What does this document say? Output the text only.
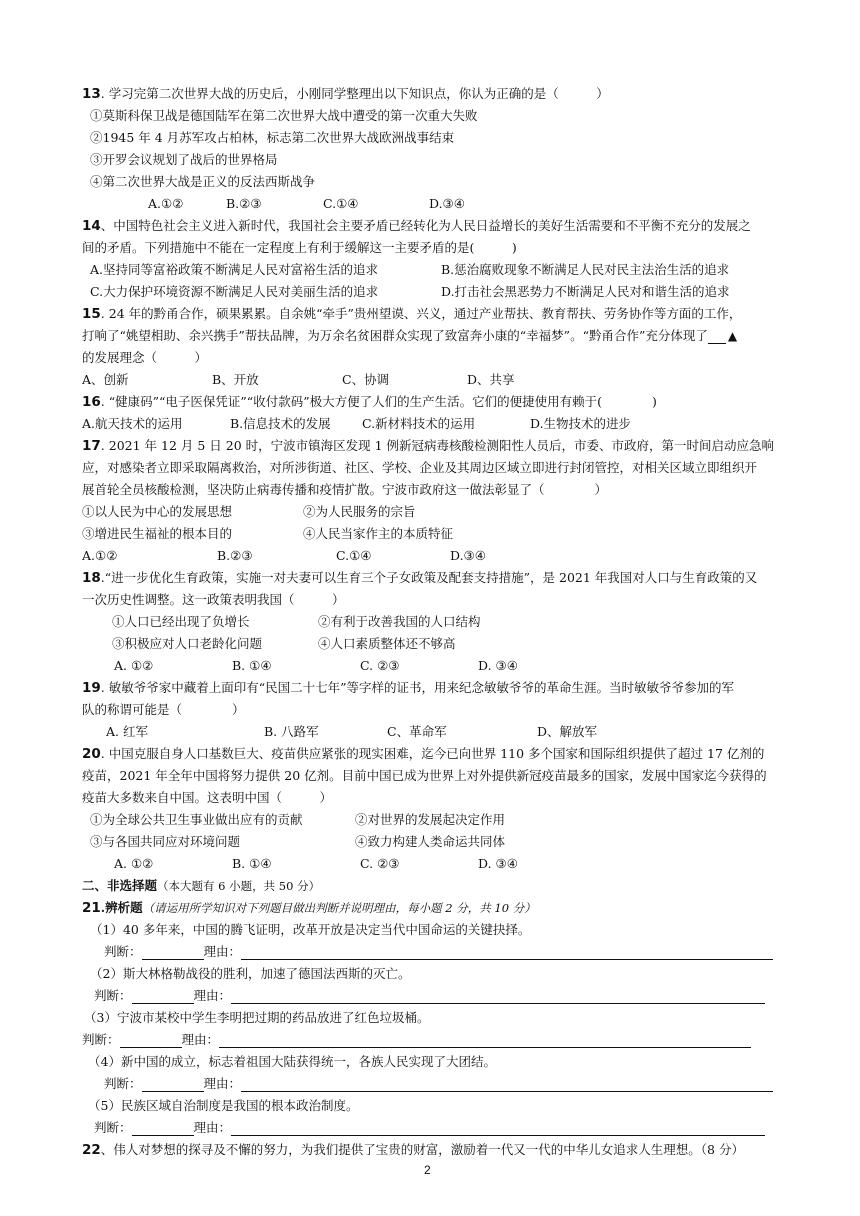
13. 学习完第二次世界大战的历史后，小刚同学整理出以下知识点，你认为正确的是（　　　）
①莫斯科保卫战是德国陆军在第二次世界大战中遭受的第一次重大失败
②1945 年 4 月苏军攻占柏林，标志第二次世界大战欧洲战事结束
③开罗会议规划了战后的世界格局
④第二次世界大战是正义的反法西斯战争
A.①②	B.②③	C.①④	D.③④
14、中国特色社会主义进入新时代，我国社会主要矛盾已经转化为人民日益增长的美好生活需要和不平衡不充分的发展之
间的矛盾。下列措施中不能在一定程度上有利于缓解这一主要矛盾的是(　　　)
A.坚持同等富裕政策不断满足人民对富裕生活的追求	B.惩治腐败现象不断满足人民对民主法治生活的追求
C.大力保护环境资源不断满足人民对美丽生活的追求	D.打击社会黑恶势力不断满足人民对和谐生活的追求
15. 24 年的黔甬合作，硕果累累。自余姚“牵手”贵州望谟、兴义，通过产业帮扶、教育帮扶、劳务协作等方面的工作，
打响了“姚望相助、余兴携手”帮扶品牌，为万余名贫困群众实现了致富奔小康的“幸福梦”。“黔甬合作”充分体现了 ▲
的发展理念（　　　）
A、创新	B、开放	C、协调	D、共享
16. “健康码”“电子医保凭证”“收付款码”极大方便了人们的生产生活。它们的便捷使用有赖于(　　　　)
A.航天技术的运用	B.信息技术的发展	C.新材料技术的运用	D.生物技术的进步
17. 2021 年 12 月 5 日 20 时，宁波市镇海区发现 1 例新冠病毒核酸检测阳性人员后，市委、市政府，第一时间启动应急响
应，对感染者立即采取隔离救治，对所涉街道、社区、学校、企业及其周边区域立即进行封闭管控，对相关区域立即组织开
展首轮全员核酸检测，坚决防止病毒传播和疫情扩散。宁波市政府这一做法彰显了（　　　　）
①以人民为中心的发展思想	②为人民服务的宗旨
③增进民生福祉的根本目的	④人民当家作主的本质特征
A.①②	B.②③	C.①④	D.③④
18.“进一步优化生育政策，实施一对夫妻可以生育三个子女政策及配套支持措施”，是 2021 年我国对人口与生育政策的又
一次历史性调整。这一政策表明我国（　　　）
①人口已经出现了负增长	②有利于改善我国的人口结构
③积极应对人口老龄化问题	④人口素质整体还不够高
A. ①②	B. ①④	C. ②③	D. ③④
19. 敏敏爷爷家中藏着上面印有“民国二十七年”等字样的证书，用来纪念敏敏爷爷的革命生涯。当时敏敏爷爷参加的军
队的称谓可能是（　　　　）
A. 红军	B. 八路军	C、革命军	D、解放军
20. 中国克服自身人口基数巨大、疫苗供应紧张的现实困难，迄今已向世界 110 多个国家和国际组织提供了超过 17 亿剂的
疫苗，2021 年全年中国将努力提供 20 亿剂。目前中国已成为世界上对外提供新冠疫苗最多的国家，发展中国家迄今获得的
疫苗大多数来自中国。这表明中国（　　　）
①为全球公共卫生事业做出应有的贡献	②对世界的发展起决定作用
③与各国共同应对环境问题	④致力构建人类命运共同体
A. ①②	B. ①④	C. ②③	D. ③④
二、非选择题（本大题有 6 小题，共 50 分）
21.辨析题（请运用所学知识对下列题目做出判断并说明理由，每小题 2 分，共 10 分）
（1）40 多年来，中国的腾飞证明，改革开放是决定当代中国命运的关键抉择。
判断：	理由：
（2）斯大林格勒战役的胜利，加速了德国法西斯的灭亡。
判断：	理由：
（3）宁波市某校中学生李明把过期的药品放进了红色垃圾桶。
判断：	理由：
（4）新中国的成立，标志着祖国大陆获得统一，各族人民实现了大团结。
判断：	理由：
（5）民族区域自治制度是我国的根本政治制度。
判断：	理由：
22、伟人对梦想的探寻及不懈的努力，为我们提供了宝贵的财富，激励着一代又一代的中华儿女追求人生理想。（8 分）
2
